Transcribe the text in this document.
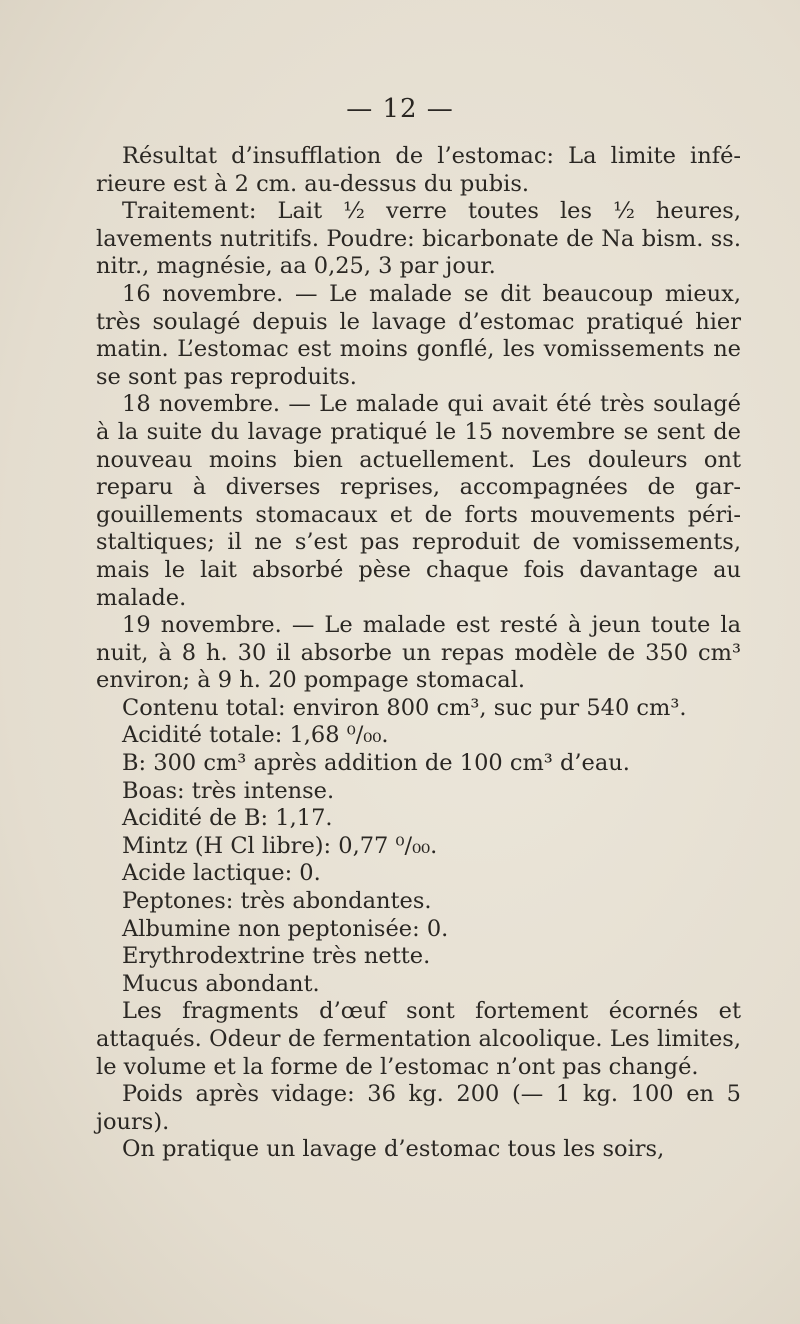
— 12 —

Résultat d’insufflation de l’estomac: La limite inférieure est à 2 cm. au-dessus du pubis.

Traitement: Lait ½ verre toutes les ½ heures, lavements nutritifs. Poudre: bicarbonate de Na bism. ss. nitr., magnésie, aa 0,25, 3 par jour.

16 novembre. — Le malade se dit beaucoup mieux, très soulagé depuis le lavage d’estomac pratiqué hier matin. L’estomac est moins gonflé, les vomissements ne se sont pas reproduits.

18 novembre. — Le malade qui avait été très soulagé à la suite du lavage pratiqué le 15 novembre se sent de nouveau moins bien actuellement. Les douleurs ont reparu à diverses reprises, accompagnées de gargouillements stomacaux et de forts mouvements péristaltiques; il ne s’est pas reproduit de vomissements, mais le lait absorbé pèse chaque fois davantage au malade.

19 novembre. — Le malade est resté à jeun toute la nuit, à 8 h. 30 il absorbe un repas modèle de 350 cm³ environ; à 9 h. 20 pompage stomacal.

Contenu total: environ 800 cm³, suc pur 540 cm³.

Acidité totale: 1,68 ⁰/₀₀.

B: 300 cm³ après addition de 100 cm³ d’eau.

Boas: très intense.

Acidité de B: 1,17.

Mintz (H Cl libre): 0,77 ⁰/₀₀.

Acide lactique: 0.

Peptones: très abondantes.

Albumine non peptonisée: 0.

Erythrodextrine très nette.

Mucus abondant.

Les fragments d’œuf sont fortement écornés et attaqués. Odeur de fermentation alcoolique. Les limites, le volume et la forme de l’estomac n’ont pas changé.

Poids après vidage: 36 kg. 200 (— 1 kg. 100 en 5 jours).

On pratique un lavage d’estomac tous les soirs,
